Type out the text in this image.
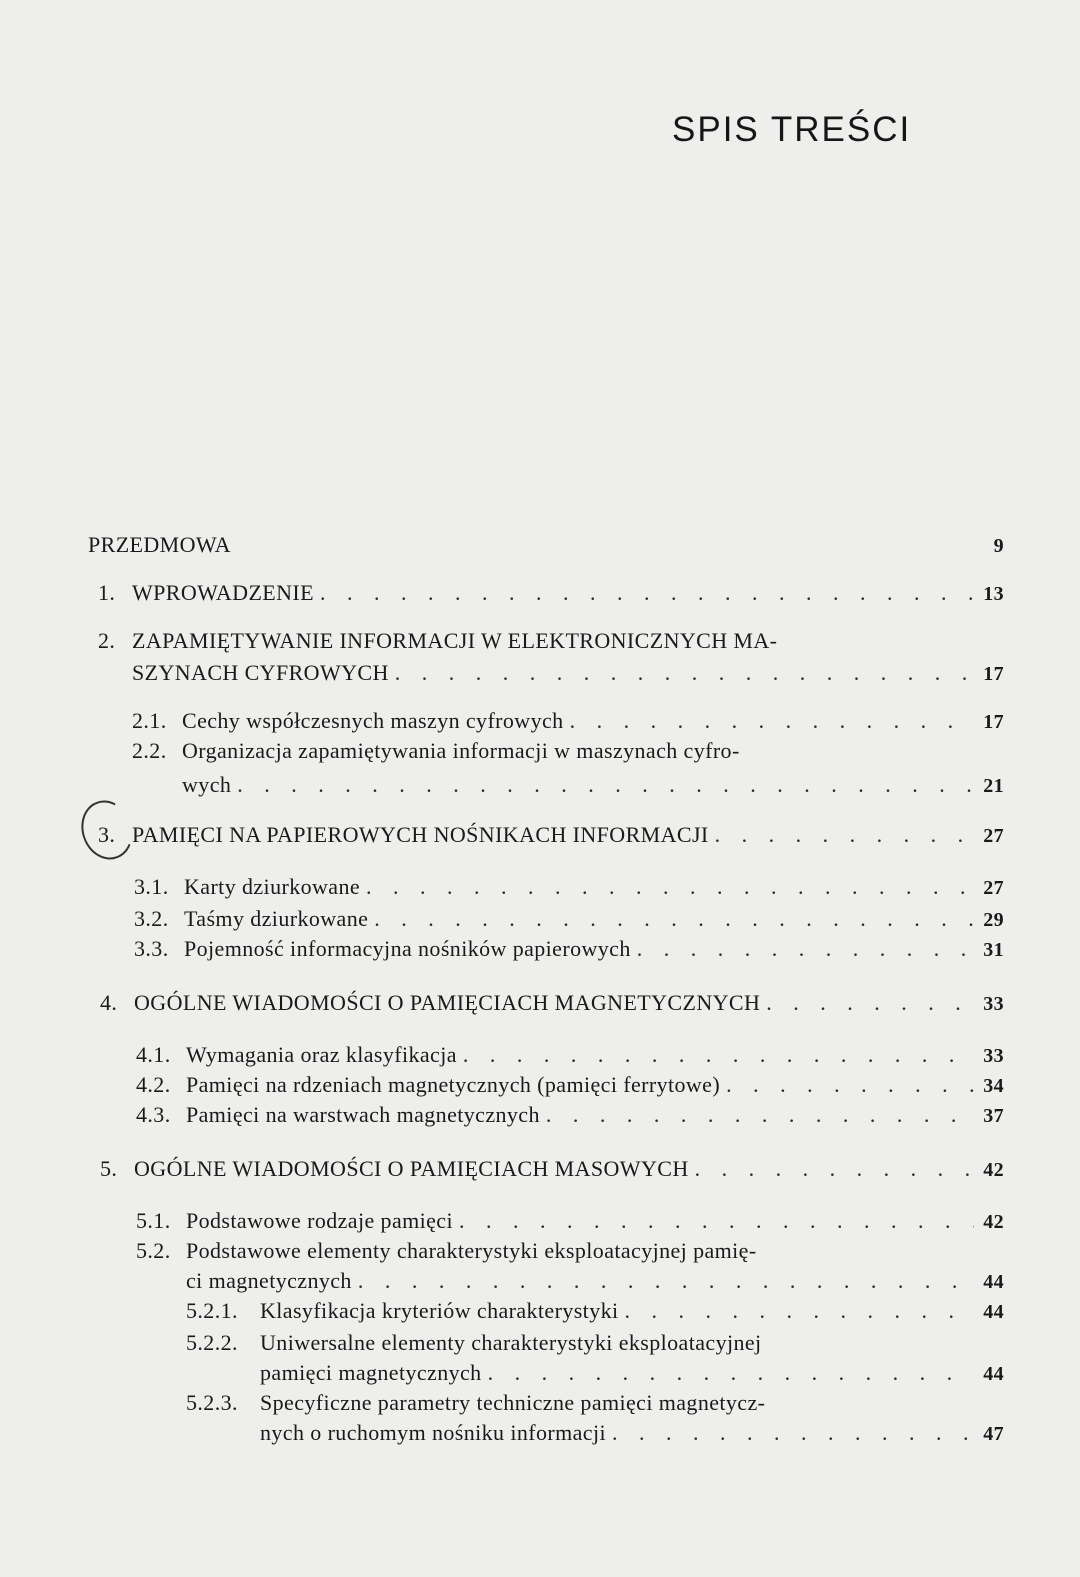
SPIS TREŚCI
PRZEDMOWA	9
1. WPROWADZENIE . . .	13
2. ZAPAMIĘTYWANIE INFORMACJI W ELEKTRONICZNYCH MA-
SZYNACH CYFROWYCH . . .	17
2.1. Cechy współczesnych maszyn cyfrowych . . .	17
2.2. Organizacja zapamiętywania informacji w maszynach cyfro-
wych . . .	21
3. PAMIĘCI NA PAPIEROWYCH NOŚNIKACH INFORMACJI . . .	27
3.1. Karty dziurkowane . . .	27
3.2. Taśmy dziurkowane . . .	29
3.3. Pojemność informacyjna nośników papierowych . . .	31
4. OGÓLNE WIADOMOŚCI O PAMIĘCIACH MAGNETYCZNYCH . . .	33
4.1. Wymagania oraz klasyfikacja . . .	33
4.2. Pamięci na rdzeniach magnetycznych (pamięci ferrytowe) . . .	34
4.3. Pamięci na warstwach magnetycznych . . .	37
5. OGÓLNE WIADOMOŚCI O PAMIĘCIACH MASOWYCH . . .	42
5.1. Podstawowe rodzaje pamięci . . .	42
5.2. Podstawowe elementy charakterystyki eksploatacyjnej pamię-
ci magnetycznych . . .	44
5.2.1.	Klasyfikacja kryteriów charakterystyki . . .	44
5.2.2.	Uniwersalne elementy charakterystyki eksploatacyjnej
pamięci magnetycznych . . .	44
5.2.3.	Specyficzne parametry techniczne pamięci magnetycz-
nych o ruchomym nośniku informacji . . .	47
